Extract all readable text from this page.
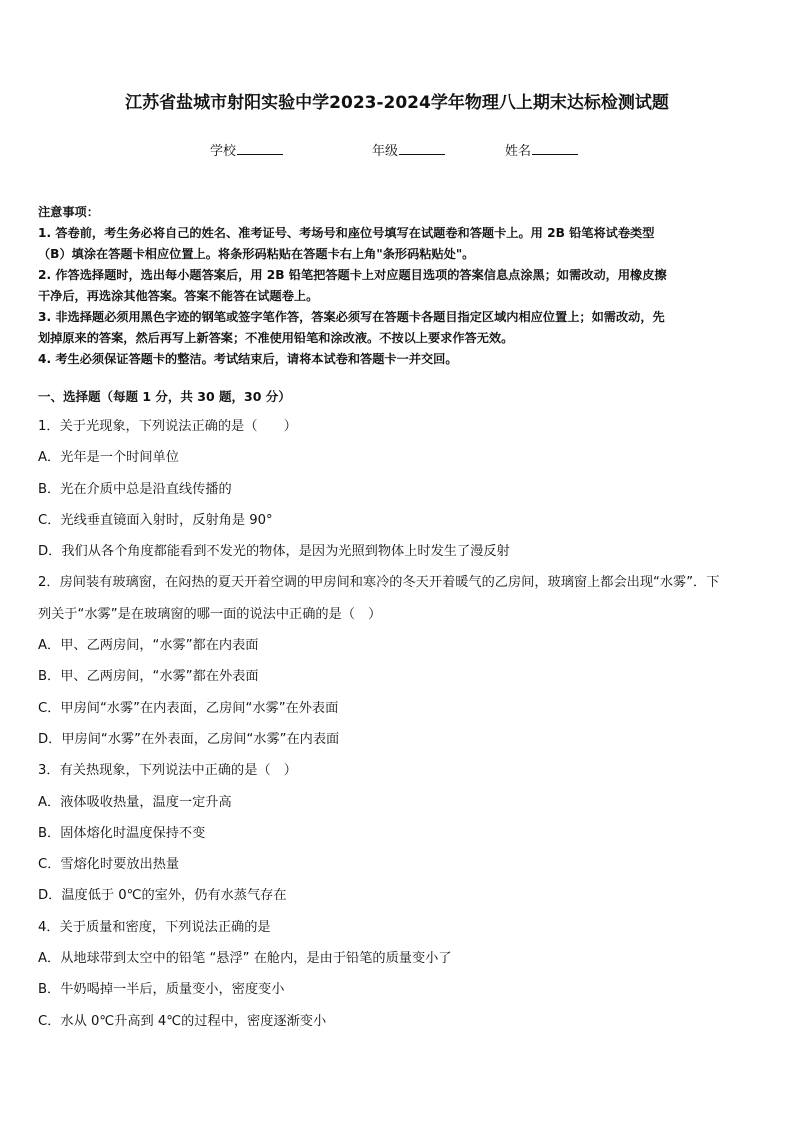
江苏省盐城市射阳实验中学2023-2024学年物理八上期末达标检测试题
学校	年级	姓名

注意事项：

1. 答卷前，考生务必将自己的姓名、准考证号、考场号和座位号填写在试题卷和答题卡上。用 2B 铅笔将试卷类型

（B）填涂在答题卡相应位置上。将条形码粘贴在答题卡右上角"条形码粘贴处"。

2. 作答选择题时，选出每小题答案后，用 2B 铅笔把答题卡上对应题目选项的答案信息点涂黑；如需改动，用橡皮擦

干净后，再选涂其他答案。答案不能答在试题卷上。

3. 非选择题必须用黑色字迹的钢笔或签字笔作答，答案必须写在答题卡各题目指定区域内相应位置上；如需改动，先

划掉原来的答案，然后再写上新答案；不准使用铅笔和涂改液。不按以上要求作答无效。

4. 考生必须保证答题卡的整洁。考试结束后，请将本试卷和答题卡一并交回。

一、选择题（每题 1 分，共 30 题，30 分）

1．关于光现象，下列说法正确的是（　　）

A．光年是一个时间单位

B．光在介质中总是沿直线传播的

C．光线垂直镜面入射时，反射角是 90°

D．我们从各个角度都能看到不发光的物体，是因为光照到物体上时发生了漫反射

2．房间装有玻璃窗，在闷热的夏天开着空调的甲房间和寒冷的冬天开着暖气的乙房间，玻璃窗上都会出现“水雾”．下

列关于“水雾”是在玻璃窗的哪一面的说法中正确的是（　）

A．甲、乙两房间，“水雾”都在内表面

B．甲、乙两房间，“水雾”都在外表面

C．甲房间“水雾”在内表面，乙房间“水雾”在外表面

D．甲房间“水雾”在外表面，乙房间“水雾”在内表面

3．有关热现象，下列说法中正确的是（　）

A．液体吸收热量，温度一定升高

B．固体熔化时温度保持不变

C．雪熔化时要放出热量

D．温度低于 0℃的室外，仍有水蒸气存在

4．关于质量和密度，下列说法正确的是

A．从地球带到太空中的铅笔 “悬浮” 在舱内，是由于铅笔的质量变小了

B．牛奶喝掉一半后，质量变小，密度变小

C．水从 0℃升高到 4℃的过程中，密度逐渐变小
